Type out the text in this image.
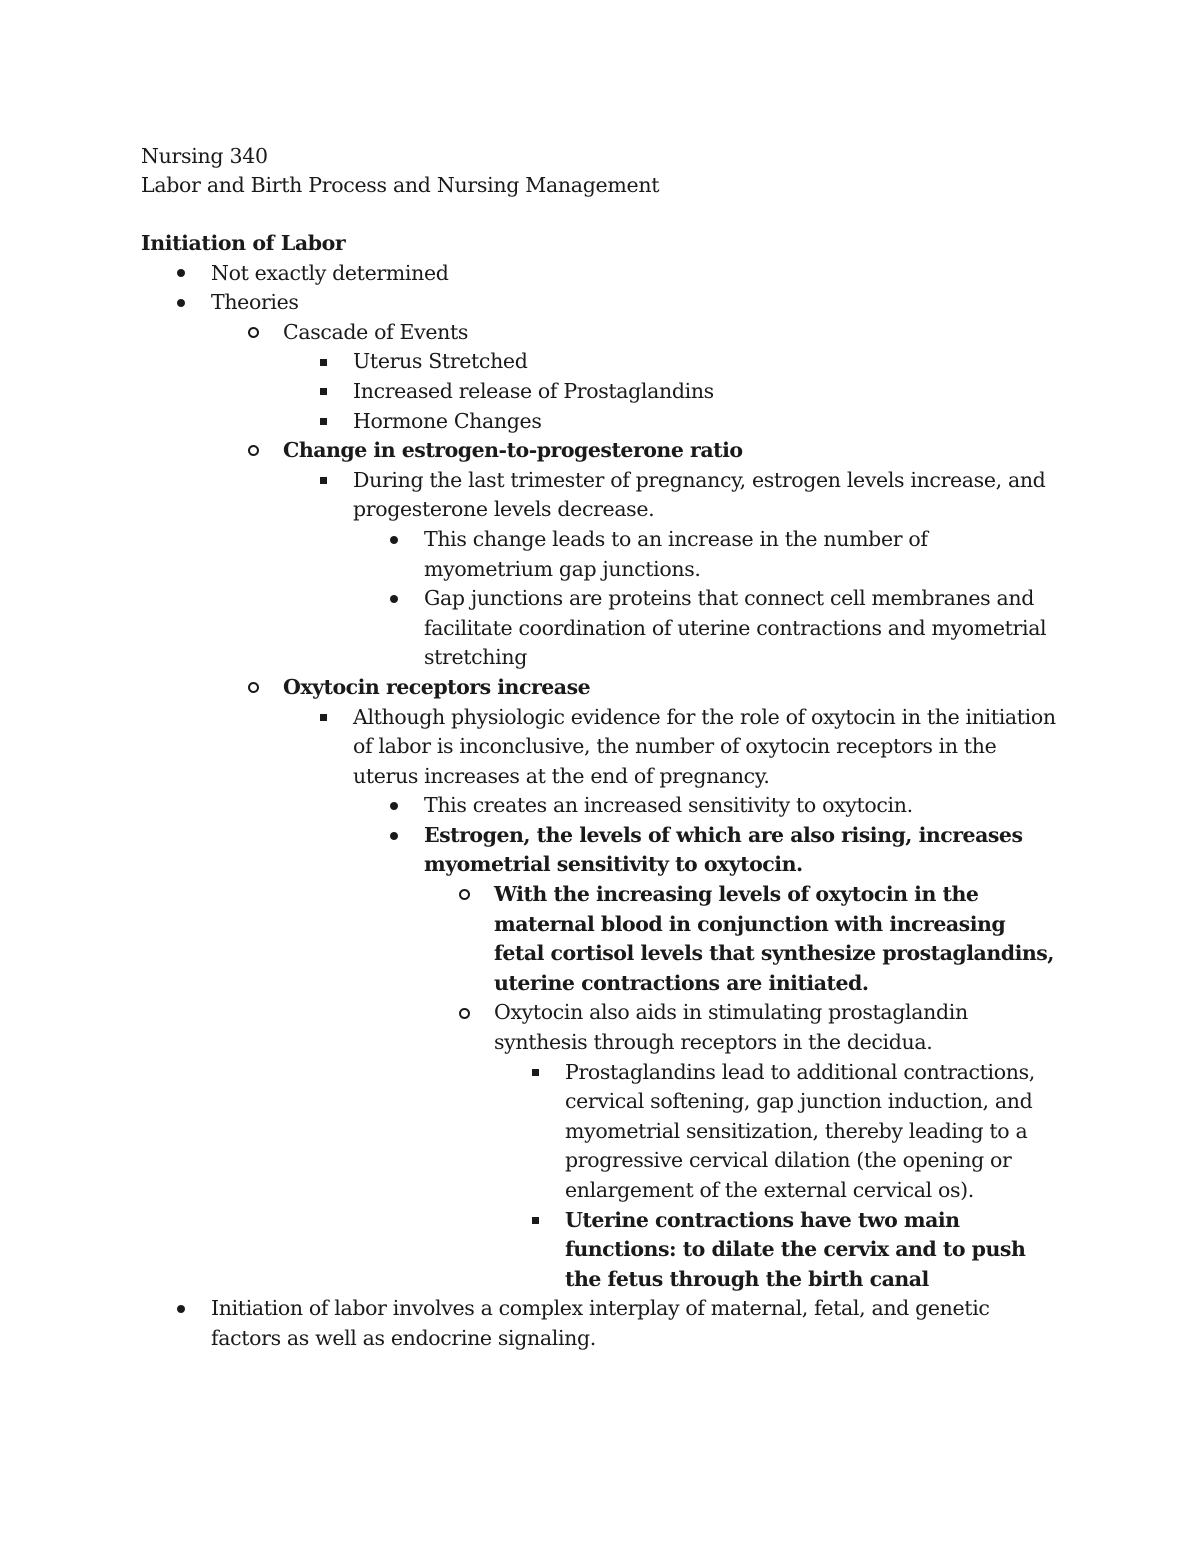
Nursing 340
Labor and Birth Process and Nursing Management
Initiation of Labor
Not exactly determined
Theories
Cascade of Events
Uterus Stretched
Increased release of Prostaglandins
Hormone Changes
Change in estrogen-to-progesterone ratio
During the last trimester of pregnancy, estrogen levels increase, and progesterone levels decrease.
This change leads to an increase in the number of myometrium gap junctions.
Gap junctions are proteins that connect cell membranes and facilitate coordination of uterine contractions and myometrial stretching
Oxytocin receptors increase
Although physiologic evidence for the role of oxytocin in the initiation of labor is inconclusive, the number of oxytocin receptors in the uterus increases at the end of pregnancy.
This creates an increased sensitivity to oxytocin.
Estrogen, the levels of which are also rising, increases myometrial sensitivity to oxytocin.
With the increasing levels of oxytocin in the maternal blood in conjunction with increasing fetal cortisol levels that synthesize prostaglandins, uterine contractions are initiated.
Oxytocin also aids in stimulating prostaglandin synthesis through receptors in the decidua.
Prostaglandins lead to additional contractions, cervical softening, gap junction induction, and myometrial sensitization, thereby leading to a progressive cervical dilation (the opening or enlargement of the external cervical os).
Uterine contractions have two main functions: to dilate the cervix and to push the fetus through the birth canal
Initiation of labor involves a complex interplay of maternal, fetal, and genetic factors as well as endocrine signaling.
